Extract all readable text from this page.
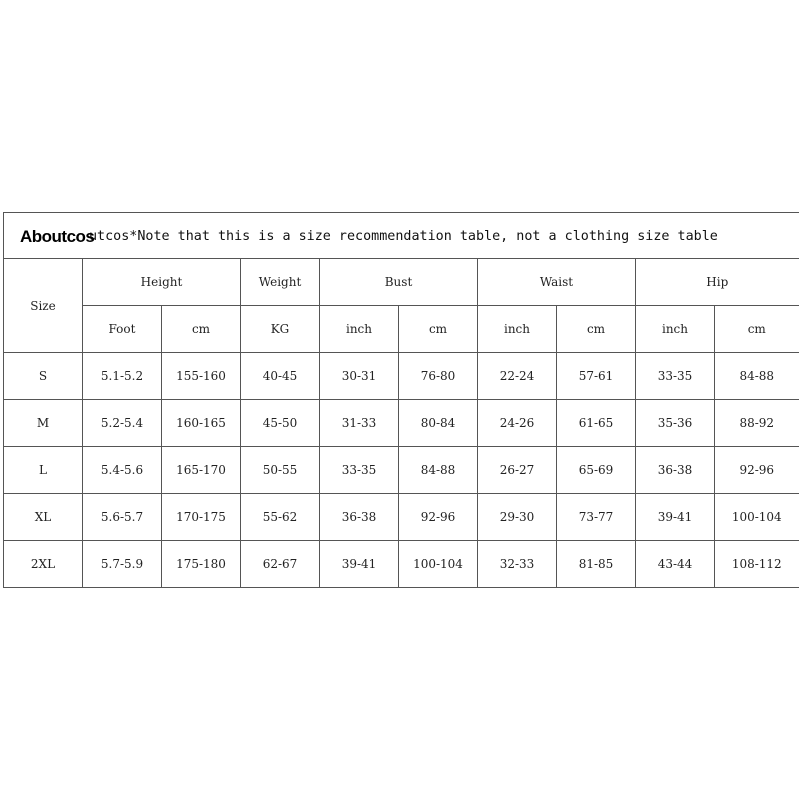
utcos*Note that this is a size recommendation table, not a clothing size table
Aboutcos									

Size	Height		Weight	Bust		Waist		Hip	
	Foot	cm	KG	inch	cm	inch	cm	inch	cm
S	5.1-5.2	155-160	40-45	30-31	76-80	22-24	57-61	33-35	84-88
M	5.2-5.4	160-165	45-50	31-33	80-84	24-26	61-65	35-36	88-92
L	5.4-5.6	165-170	50-55	33-35	84-88	26-27	65-69	36-38	92-96
XL	5.6-5.7	170-175	55-62	36-38	92-96	29-30	73-77	39-41	100-104
2XL	5.7-5.9	175-180	62-67	39-41	100-104	32-33	81-85	43-44	108-112
